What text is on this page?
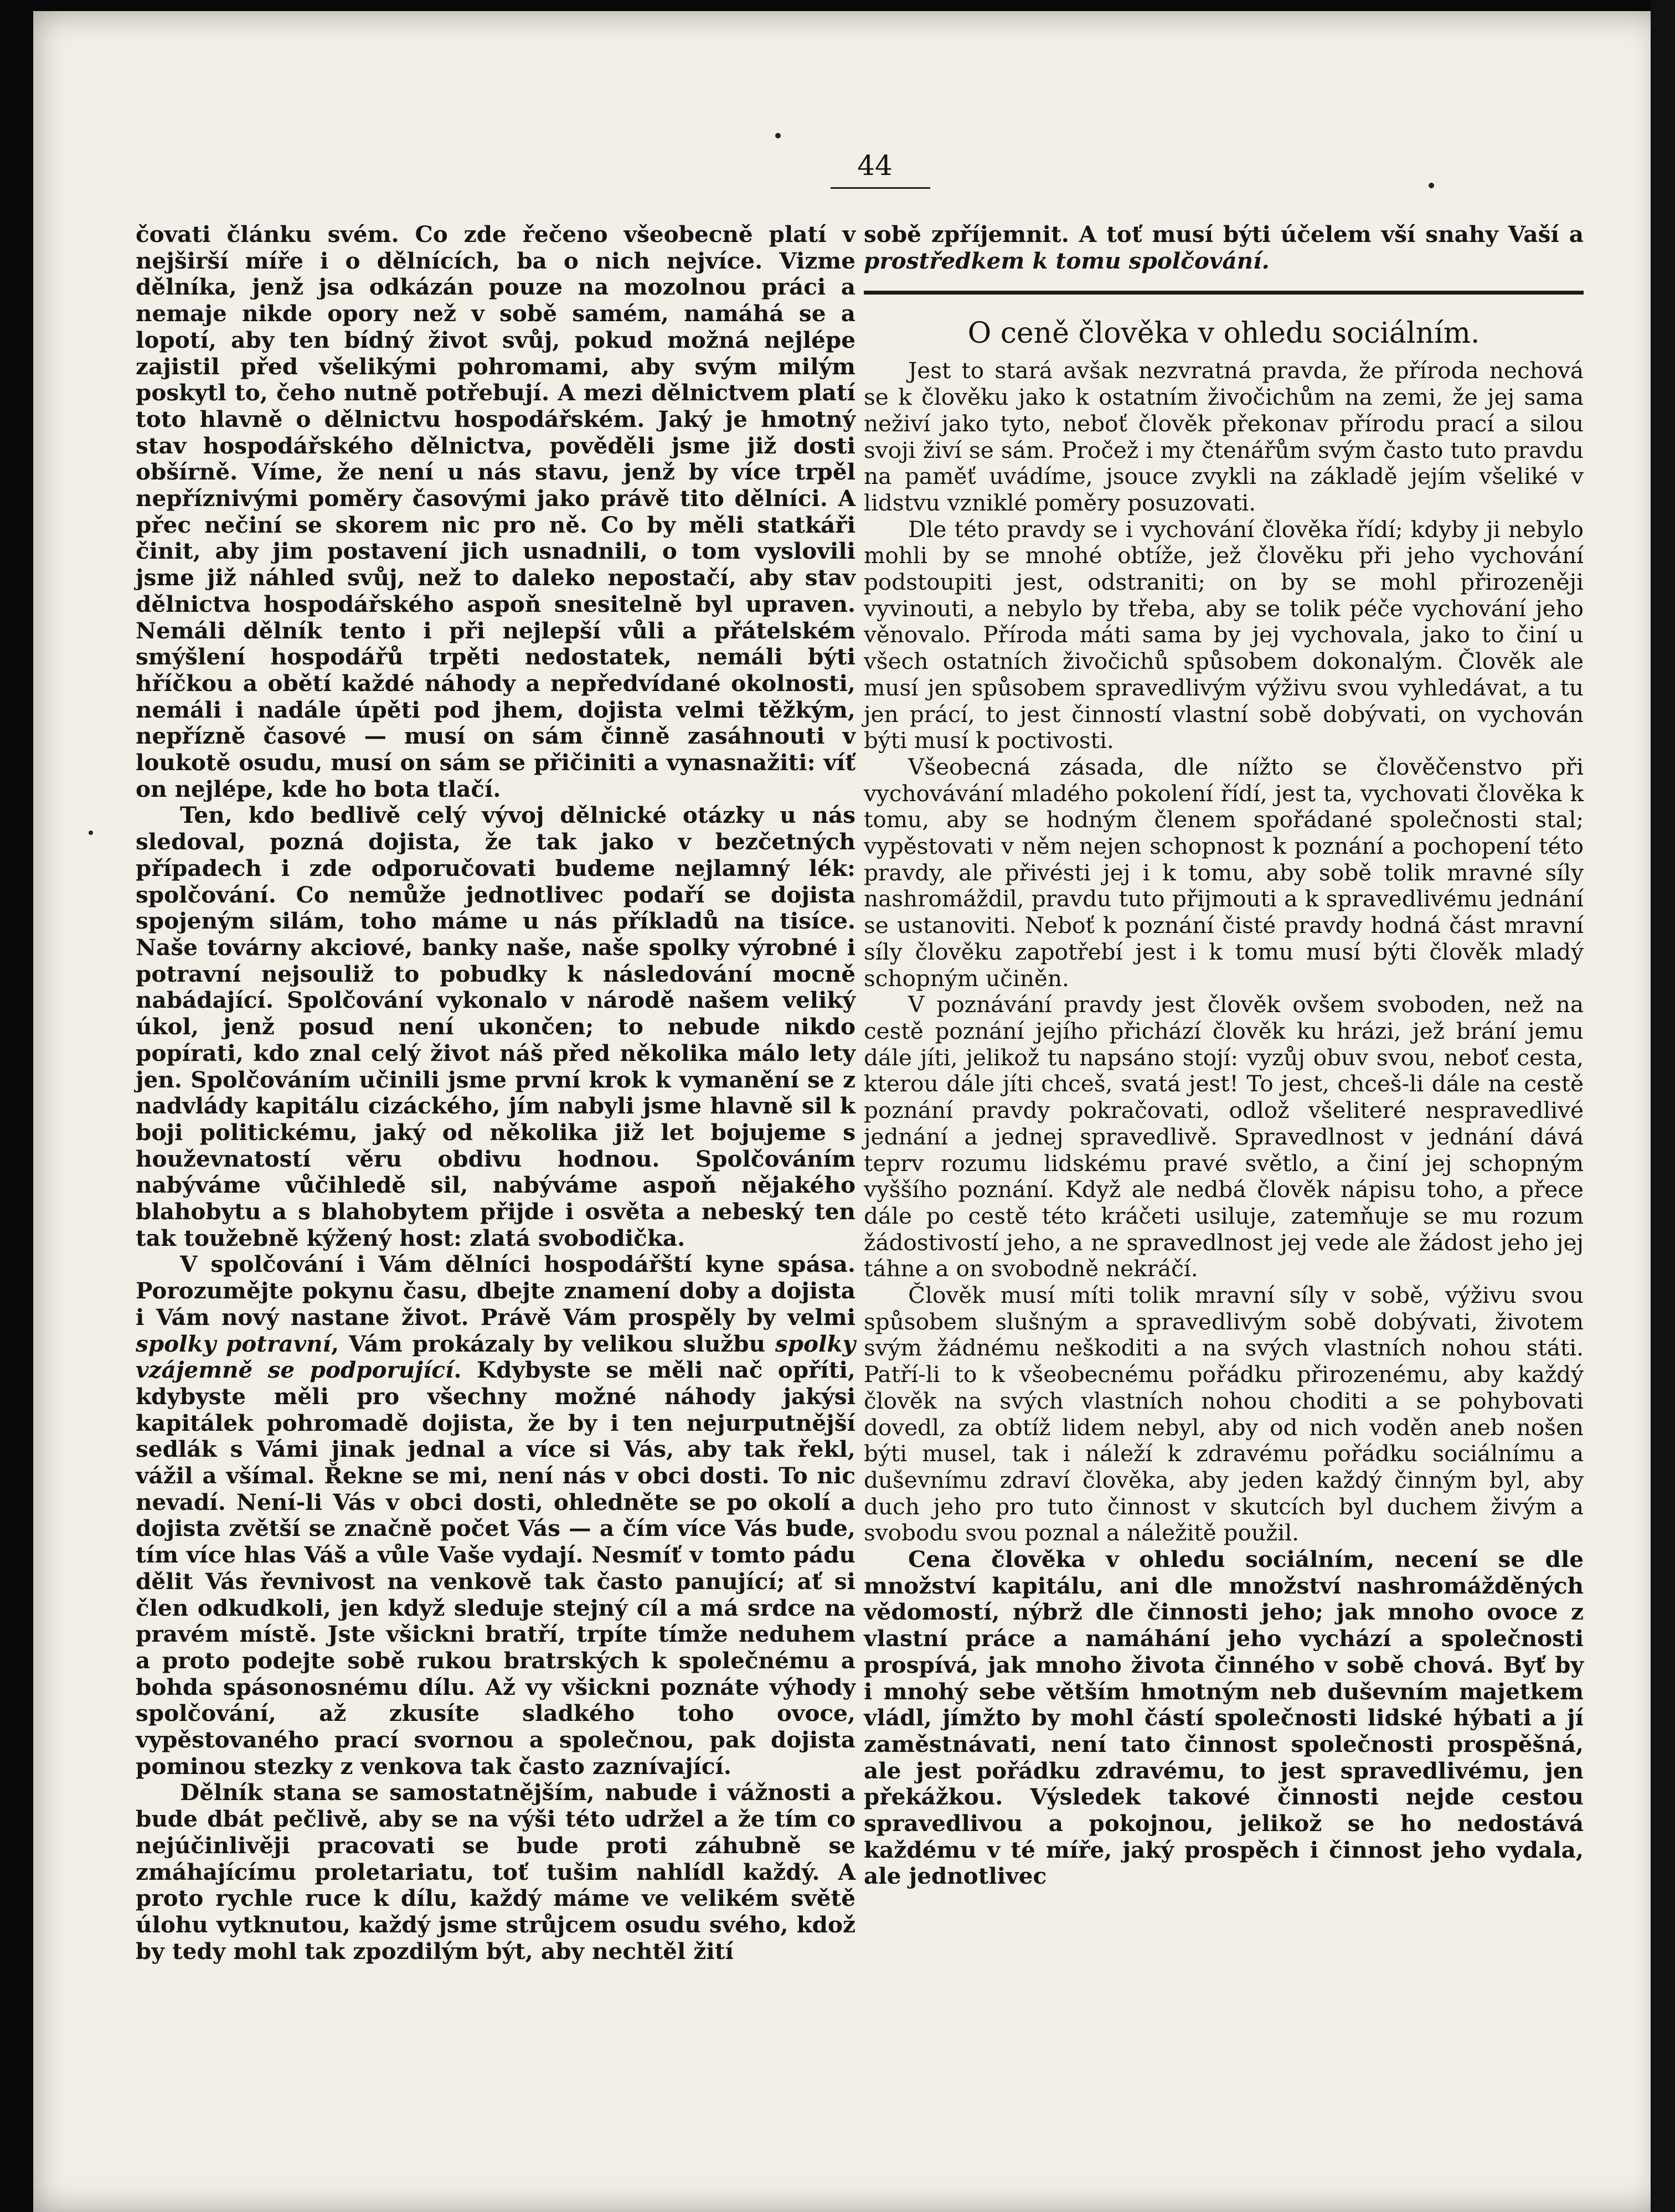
44

čovati článku svém. Co zde řečeno všeobecně platí v nejširší míře i o dělnících, ba o nich nejvíce. Vizme dělníka, jenž jsa odkázán pouze na mozolnou práci a nemaje nikde opory než v sobě samém, namáhá se a lopotí, aby ten bídný život svůj, pokud možná nejlépe zajistil před všelikými pohromami, aby svým milým poskytl to, čeho nutně potřebují. A mezi dělnictvem platí toto hlavně o dělnictvu hospodářském. Jaký je hmotný stav hospodářského dělnictva, pověděli jsme již dosti obšírně. Víme, že není u nás stavu, jenž by více trpěl nepříznivými poměry časovými jako právě tito dělníci. A přec nečiní se skorem nic pro ně. Co by měli statkáři činit, aby jim postavení jich usnadnili, o tom vyslovili jsme již náhled svůj, než to daleko nepostačí, aby stav dělnictva hospodářského aspoň snesitelně byl upraven. Nemáli dělník tento i při nejlepší vůli a přátelském smýšlení hospodářů trpěti nedostatek, nemáli býti hříčkou a obětí každé náhody a nepředvídané okolnosti, nemáli i nadále úpěti pod jhem, dojista velmi těžkým, nepřízně časové — musí on sám činně zasáhnouti v loukotě osudu, musí on sám se přičiniti a vynasnažiti: víť on nejlépe, kde ho bota tlačí.

Ten, kdo bedlivě celý vývoj dělnické otázky u nás sledoval, pozná dojista, že tak jako v bezčetných případech i zde odporučovati budeme nejlamný lék: spolčování. Co nemůže jednotlivec podaří se dojista spojeným silám, toho máme u nás příkladů na tisíce. Naše továrny akciové, banky naše, naše spolky výrobné i potravní nejsouliž to pobudky k následování mocně nabádající. Spolčování vykonalo v národě našem veliký úkol, jenž posud není ukončen; to nebude nikdo popírati, kdo znal celý život náš před několika málo lety jen. Spolčováním učinili jsme první krok k vymanění se z nadvlády kapitálu cizáckého, jím nabyli jsme hlavně sil k boji politickému, jaký od několika již let bojujeme s houževnatostí věru obdivu hodnou. Spolčováním nabýváme vůčihledě sil, nabýváme aspoň nějakého blahobytu a s blahobytem přijde i osvěta a nebeský ten tak toužebně kýžený host: zlatá svobodička.

V spolčování i Vám dělníci hospodářští kyne spása. Porozumějte pokynu času, dbejte znamení doby a dojista i Vám nový nastane život. Právě Vám prospěly by velmi spolky potravní, Vám prokázaly by velikou službu spolky vzájemně se podporující. Kdybyste se měli nač opříti, kdybyste měli pro všechny možné náhody jakýsi kapitálek pohromadě dojista, že by i ten nejurputnější sedlák s Vámi jinak jednal a více si Vás, aby tak řekl, vážil a všímal. Řekne se mi, není nás v obci dosti. To nic nevadí. Není-li Vás v obci dosti, ohledněte se po okolí a dojista zvětší se značně počet Vás — a čím více Vás bude, tím více hlas Váš a vůle Vaše vydají. Nesmíť v tomto pádu dělit Vás řevnivost na venkově tak často panující; ať si člen odkudkoli, jen když sleduje stejný cíl a má srdce na pravém místě. Jste všickni bratří, trpíte tímže neduhem a proto podejte sobě rukou bratrských k společnému a bohda spásonosnému dílu. Až vy všickni poznáte výhody spolčování, až zkusíte sladkého toho ovoce, vypěstovaného prací svornou a společnou, pak dojista pominou stezky z venkova tak často zaznívající.

Dělník stana se samostatnějším, nabude i vážnosti a bude dbát pečlivě, aby se na výši této udržel a že tím co nejúčinlivěji pracovati se bude proti záhubně se zmáhajícímu proletariatu, toť tušim nahlídl každý. A proto rychle ruce k dílu, každý máme ve velikém světě úlohu vytknutou, každý jsme strůjcem osudu svého, kdož by tedy mohl tak zpozdilým být, aby nechtěl žití

sobě zpříjemnit. A toť musí býti účelem vší snahy Vaší a prostředkem k tomu spolčování.

O ceně člověka v ohledu sociálním.

Jest to stará avšak nezvratná pravda, že příroda nechová se k člověku jako k ostatním živočichům na zemi, že jej sama neživí jako tyto, neboť člověk překonav přírodu prací a silou svoji živí se sám. Pročež i my čtenářům svým často tuto pravdu na paměť uvádíme, jsouce zvykli na základě jejím všeliké v lidstvu vzniklé poměry posuzovati.

Dle této pravdy se i vychování člověka řídí; kdyby ji nebylo mohli by se mnohé obtíže, jež člověku při jeho vychování podstoupiti jest, odstraniti; on by se mohl přirozeněji vyvinouti, a nebylo by třeba, aby se tolik péče vychování jeho věnovalo. Příroda máti sama by jej vychovala, jako to činí u všech ostatních živočichů spůsobem dokonalým. Člověk ale musí jen spůsobem spravedlivým výživu svou vyhledávat, a tu jen prácí, to jest činností vlastní sobě dobývati, on vychován býti musí k poctivosti.

Všeobecná zásada, dle nížto se člověčenstvo při vychovávání mladého pokolení řídí, jest ta, vychovati člověka k tomu, aby se hodným členem spořádané společnosti stal; vypěstovati v něm nejen schopnost k poznání a pochopení této pravdy, ale přivésti jej i k tomu, aby sobě tolik mravné síly nashromáždil, pravdu tuto přijmouti a k spravedlivému jednání se ustanoviti. Neboť k poznání čisté pravdy hodná část mravní síly člověku zapotřebí jest i k tomu musí býti člověk mladý schopným učiněn.

V poznávání pravdy jest člověk ovšem svoboden, než na cestě poznání jejího přichází člověk ku hrázi, jež brání jemu dále jíti, jelikož tu napsáno stojí: vyzůj obuv svou, neboť cesta, kterou dále jíti chceš, svatá jest! To jest, chceš-li dále na cestě poznání pravdy pokračovati, odlož všeliteré nespravedlivé jednání a jednej spravedlivě. Spravedlnost v jednání dává teprv rozumu lidskému pravé světlo, a činí jej schopným vyššího poznání. Když ale nedbá člověk nápisu toho, a přece dále po cestě této kráčeti usiluje, zatemňuje se mu rozum žádostivostí jeho, a ne spravedlnost jej vede ale žádost jeho jej táhne a on svobodně nekráčí.

Člověk musí míti tolik mravní síly v sobě, výživu svou spůsobem slušným a spravedlivým sobě dobývati, životem svým žádnému neškoditi a na svých vlastních nohou státi. Patří-li to k všeobecnému pořádku přirozenému, aby každý člověk na svých vlastních nohou choditi a se pohybovati dovedl, za obtíž lidem nebyl, aby od nich voděn aneb nošen býti musel, tak i náleží k zdravému pořádku sociálnímu a duševnímu zdraví člověka, aby jeden každý činným byl, aby duch jeho pro tuto činnost v skutcích byl duchem živým a svobodu svou poznal a náležitě použil.

Cena člověka v ohledu sociálním, necení se dle množství kapitálu, ani dle množství nashromážděných vědomostí, nýbrž dle činnosti jeho; jak mnoho ovoce z vlastní práce a namáhání jeho vychází a společnosti prospívá, jak mnoho života činného v sobě chová. Byť by i mnohý sebe větším hmotným neb duševním majetkem vládl, jímžto by mohl částí společnosti lidské hýbati a jí zaměstnávati, není tato činnost společnosti prospěšná, ale jest pořádku zdravému, to jest spravedlivému, jen překážkou. Výsledek takové činnosti nejde cestou spravedlivou a pokojnou, jelikož se ho nedostává každému v té míře, jaký prospěch i činnost jeho vydala, ale jednotlivec
